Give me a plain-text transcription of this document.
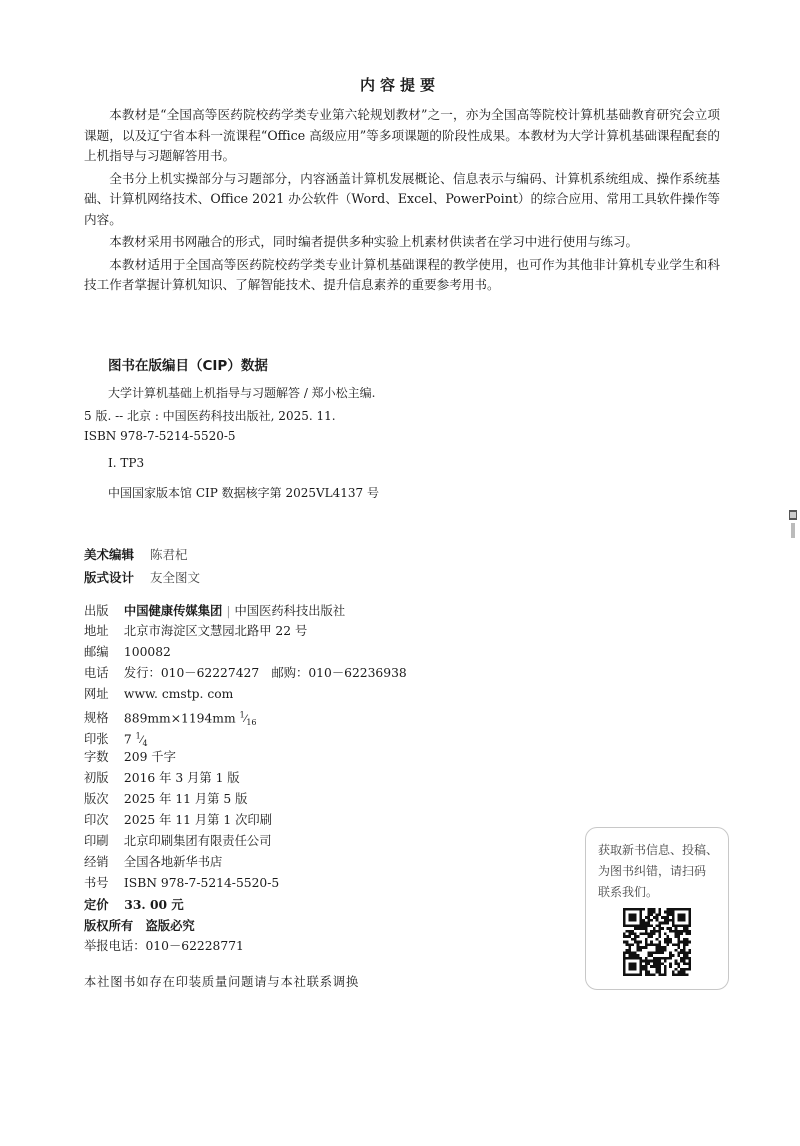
内容提要

本教材是“全国高等医药院校药学类专业第六轮规划教材”之一，亦为全国高等院校计算机基础教育研究会立项课题，以及辽宁省本科一流课程“Office 高级应用”等多项课题的阶段性成果。本教材为大学计算机基础课程配套的上机指导与习题解答用书。

全书分上机实操部分与习题部分，内容涵盖计算机发展概论、信息表示与编码、计算机系统组成、操作系统基础、计算机网络技术、Office 2021 办公软件（Word、Excel、PowerPoint）的综合应用、常用工具软件操作等内容。

本教材采用书网融合的形式，同时编者提供多种实验上机素材供读者在学习中进行使用与练习。

本教材适用于全国高等医药院校药学类专业计算机基础课程的教学使用，也可作为其他非计算机专业学生和科技工作者掌握计算机知识、了解智能技术、提升信息素养的重要参考用书。

图书在版编目（CIP）数据
大学计算机基础上机指导与习题解答 / 郑小松主编.
5 版. -- 北京 : 中国医药科技出版社, 2025. 11.
ISBN 978-7-5214-5520-5
Ⅰ. TP3
中国国家版本馆 CIP 数据核字第 2025VL4137 号
美术编辑 陈君杞
版式设计 友全图文
出版 中国健康传媒集团 | 中国医药科技出版社
地址 北京市海淀区文慧园北路甲 22 号
邮编 100082
电话 发行：010－62227427　邮购：010－62236938
网址 www. cmstp. com
规格 889mm×1194mm $^1⁄_{16}$
印张 7 $^1⁄_4$
字数 209 千字
初版 2016 年 3 月第 1 版
版次 2025 年 11 月第 5 版
印次 2025 年 11 月第 1 次印刷
印刷 北京印刷集团有限责任公司
经销 全国各地新华书店
书号 ISBN 978-7-5214-5520-5
定价 33. 00 元
版权所有　盗版必究
举报电话：010－62228771
本社图书如存在印装质量问题请与本社联系调换
获取新书信息、投稿、
为图书纠错，请扫码
联系我们。
